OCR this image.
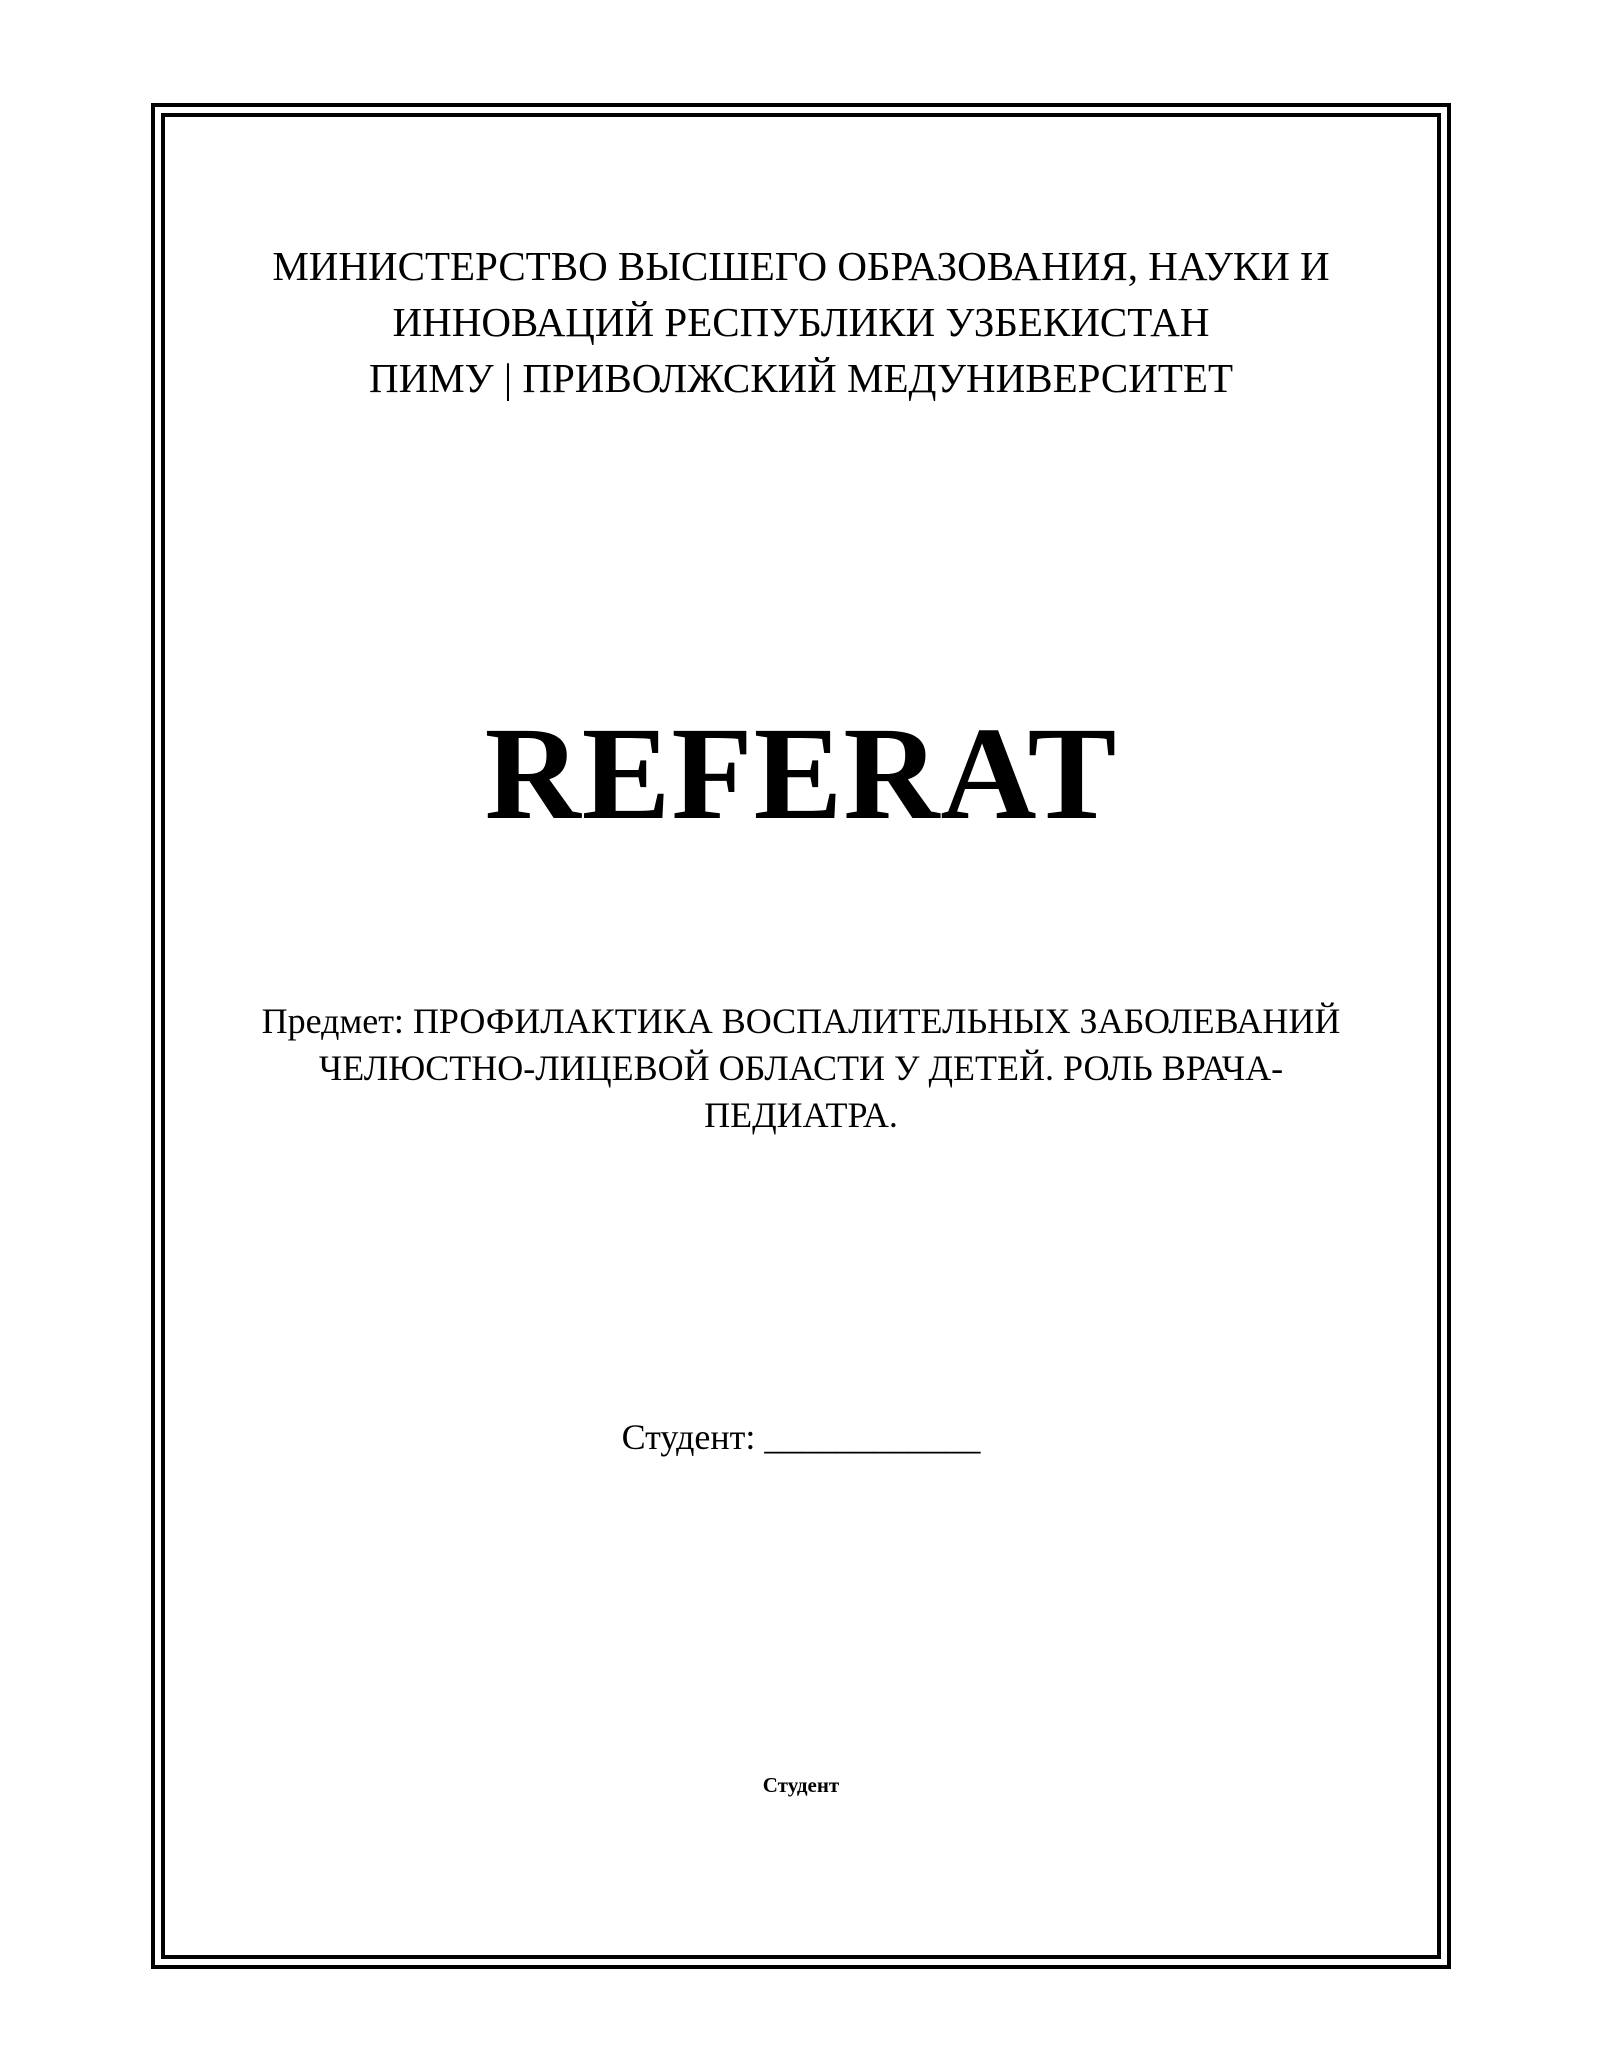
МИНИСТЕРСТВО ВЫСШЕГО ОБРАЗОВАНИЯ, НАУКИ И
ИННОВАЦИЙ РЕСПУБЛИКИ УЗБЕКИСТАН
ПИМУ | ПРИВОЛЖСКИЙ МЕДУНИВЕРСИТЕТ
REFERAT
Предмет: ПРОФИЛАКТИКА ВОСПАЛИТЕЛЬНЫХ ЗАБОЛЕВАНИЙ
ЧЕЛЮСТНО-ЛИЦЕВОЙ ОБЛАСТИ У ДЕТЕЙ. РОЛЬ ВРАЧА-
ПЕДИАТРА.
Студент: ____________
Студент
